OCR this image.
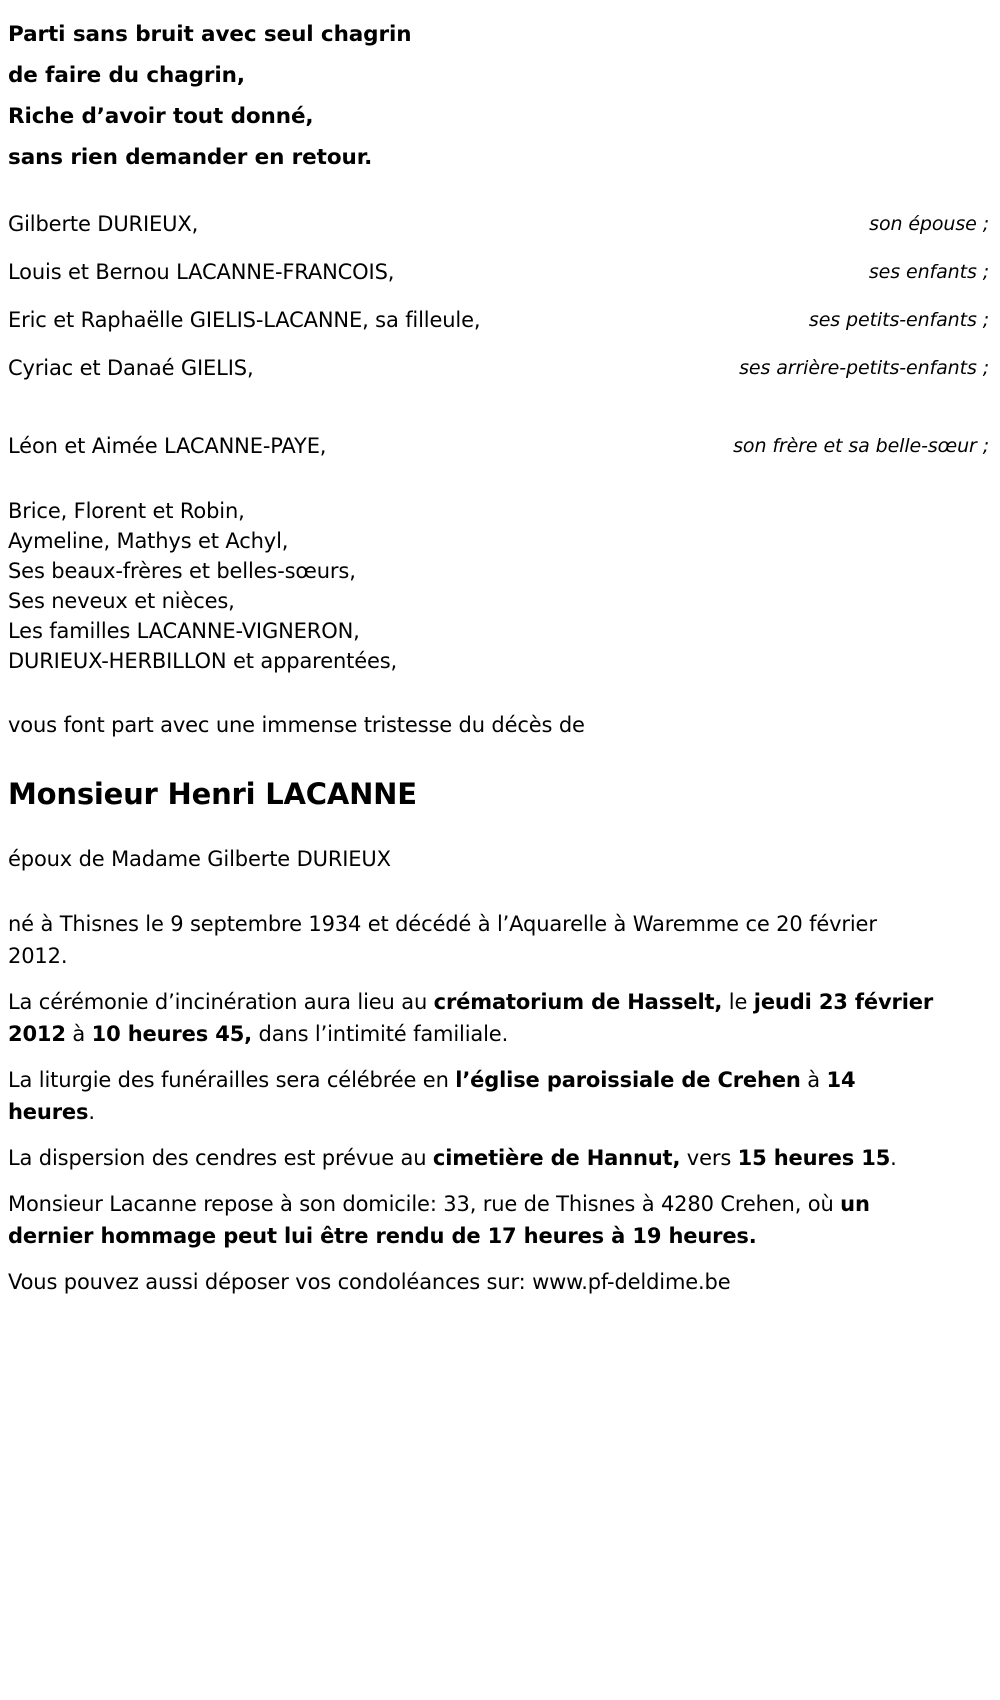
Parti sans bruit avec seul chagrin
de faire du chagrin,
Riche d’avoir tout donné,
sans rien demander en retour.
Gilberte DURIEUX,	son épouse ;
Louis et Bernou LACANNE-FRANCOIS,	ses enfants ;
Eric et Raphaëlle GIELIS-LACANNE, sa filleule,	ses petits-enfants ;
Cyriac et Danaé GIELIS,	ses arrière-petits-enfants ;
Léon et Aimée LACANNE-PAYE,	son frère et sa belle-sœur ;
Brice, Florent et Robin,
Aymeline, Mathys et Achyl,
Ses beaux-frères et belles-sœurs,
Ses neveux et nièces,
Les familles LACANNE-VIGNERON,
DURIEUX-HERBILLON et apparentées,
vous font part avec une immense tristesse du décès de
Monsieur Henri LACANNE
époux de Madame Gilberte DURIEUX
né à Thisnes le 9 septembre 1934 et décédé à l’Aquarelle à Waremme ce 20 février 2012.
La cérémonie d’incinération aura lieu au crématorium de Hasselt, le jeudi 23 février 2012 à 10 heures 45, dans l’intimité familiale.
La liturgie des funérailles sera célébrée en l’église paroissiale de Crehen à 14 heures.
La dispersion des cendres est prévue au cimetière de Hannut, vers 15 heures 15.
Monsieur Lacanne repose à son domicile: 33, rue de Thisnes à 4280 Crehen, où un dernier hommage peut lui être rendu de 17 heures à 19 heures.
Vous pouvez aussi déposer vos condoléances sur: www.pf-deldime.be
